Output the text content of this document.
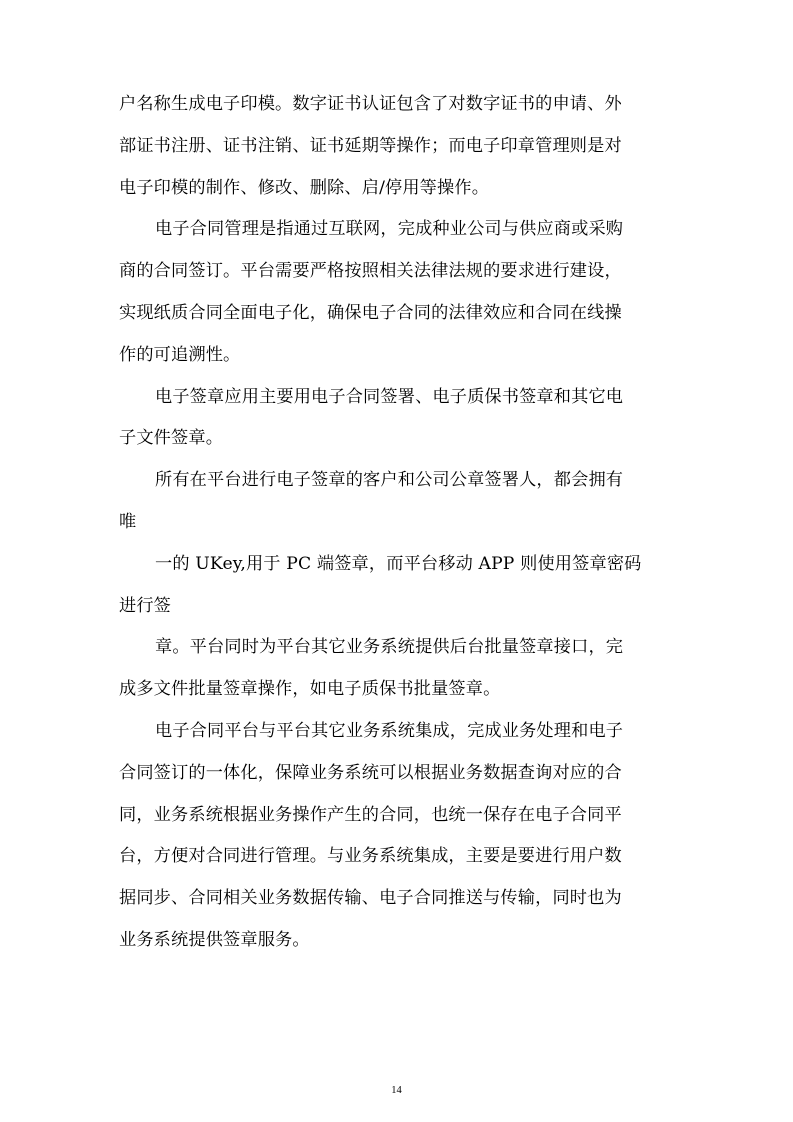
户名称生成电子印模。数字证书认证包含了对数字证书的申请、外
部证书注册、证书注销、证书延期等操作；而电子印章管理则是对
电子印模的制作、修改、删除、启/停用等操作。
电子合同管理是指通过互联网，完成种业公司与供应商或采购
商的合同签订。平台需要严格按照相关法律法规的要求进行建设，
实现纸质合同全面电子化，确保电子合同的法律效应和合同在线操
作的可追溯性。
电子签章应用主要用电子合同签署、电子质保书签章和其它电
子文件签章。
所有在平台进行电子签章的客户和公司公章签署人，都会拥有
唯
一的 UKey,用于 PC 端签章，而平台移动 APP 则使用签章密码
进行签
章。平台同时为平台其它业务系统提供后台批量签章接口，完
成多文件批量签章操作，如电子质保书批量签章。
电子合同平台与平台其它业务系统集成，完成业务处理和电子
合同签订的一体化，保障业务系统可以根据业务数据查询对应的合
同，业务系统根据业务操作产生的合同，也统一保存在电子合同平
台，方便对合同进行管理。与业务系统集成，主要是要进行用户数
据同步、合同相关业务数据传输、电子合同推送与传输，同时也为
业务系统提供签章服务。
14
